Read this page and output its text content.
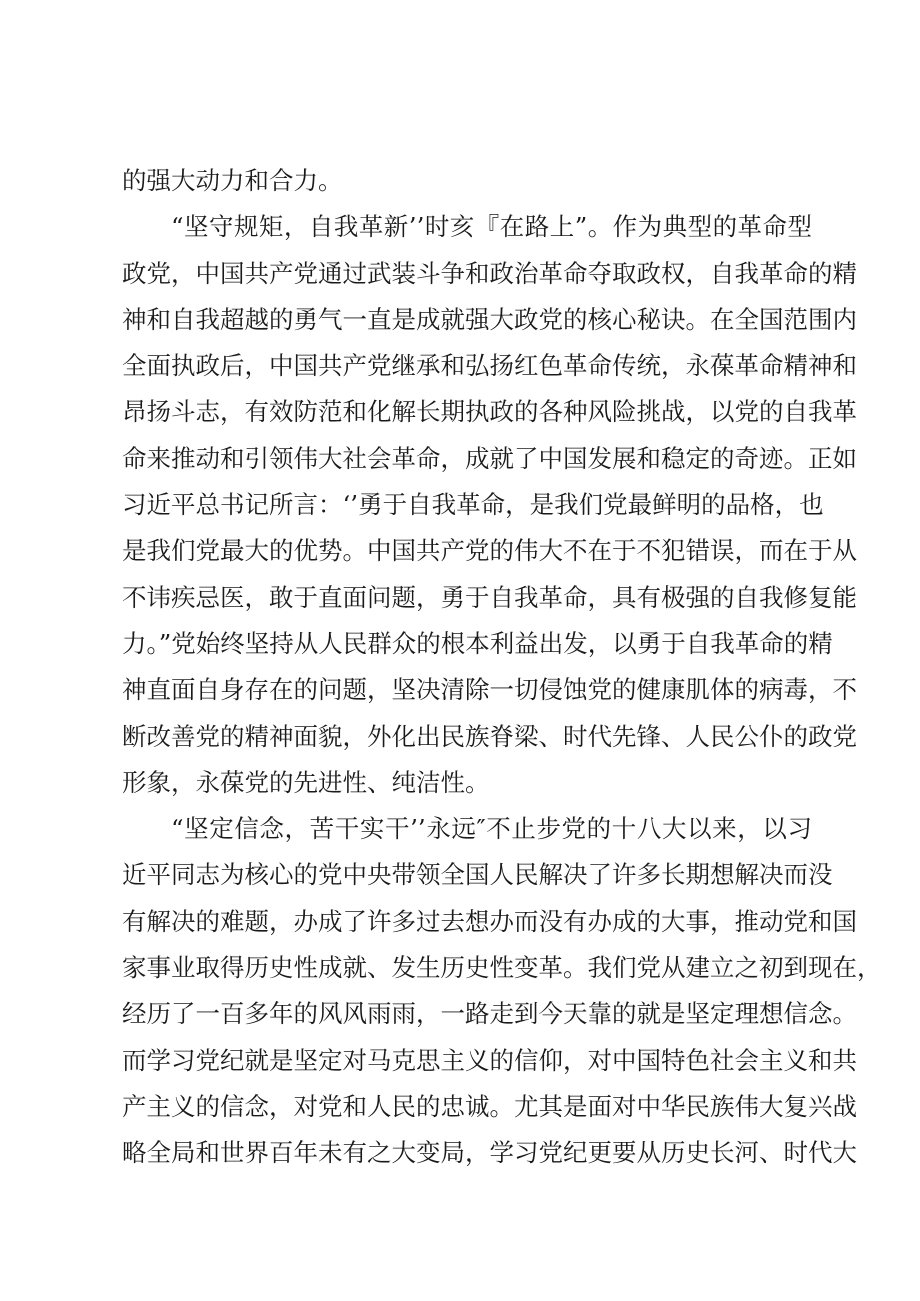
的强大动力和合力。
“坚守规矩，自我革新’’时亥『在路上”。作为典型的革命型
政党，中国共产党通过武装斗争和政治革命夺取政权，自我革命的精
神和自我超越的勇气一直是成就强大政党的核心秘诀。在全国范围内
全面执政后，中国共产党继承和弘扬红色革命传统，永葆革命精神和
昂扬斗志，有效防范和化解长期执政的各种风险挑战，以党的自我革
命来推动和引领伟大社会革命，成就了中国发展和稳定的奇迹。正如
习近平总书记所言：‘’勇于自我革命，是我们党最鲜明的品格，也
是我们党最大的优势。中国共产党的伟大不在于不犯错误，而在于从
不讳疾忌医，敢于直面问题，勇于自我革命，具有极强的自我修复能
力。”党始终坚持从人民群众的根本利益出发，以勇于自我革命的精
神直面自身存在的问题，坚决清除一切侵蚀党的健康肌体的病毒，不
断改善党的精神面貌，外化出民族脊梁、时代先锋、人民公仆的政党
形象，永葆党的先进性、纯洁性。
“坚定信念，苦干实干’’永远″不止步党的十八大以来，以习
近平同志为核心的党中央带领全国人民解决了许多长期想解决而没
有解决的难题，办成了许多过去想办而没有办成的大事，推动党和国
家事业取得历史性成就、发生历史性变革。我们党从建立之初到现在，
经历了一百多年的风风雨雨，一路走到今天靠的就是坚定理想信念。
而学习党纪就是坚定对马克思主义的信仰，对中国特色社会主义和共
产主义的信念，对党和人民的忠诚。尤其是面对中华民族伟大复兴战
略全局和世界百年未有之大变局，学习党纪更要从历史长河、时代大
